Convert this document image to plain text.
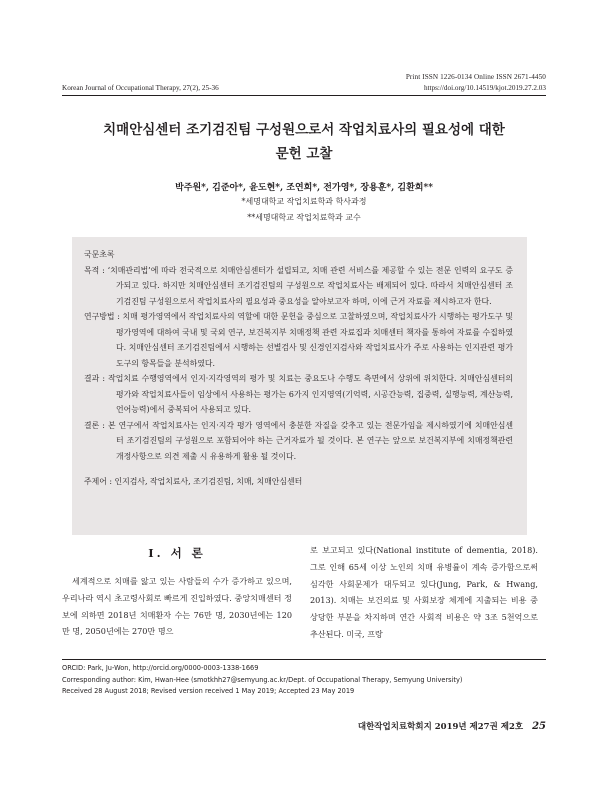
Print ISSN 1226-0134 Online ISSN 2671-4450
Korean Journal of Occupational Therapy, 27(2), 25-36	https://doi.org/10.14519/kjot.2019.27.2.03
치매안심센터 조기검진팀 구성원으로서 작업치료사의 필요성에 대한
문헌 고찰
박주원*, 김준아*, 윤도현*, 조연희*, 전가영*, 장용훈*, 김환희**
*세명대학교 작업치료학과 학사과정
**세명대학교 작업치료학과 교수
국문초록

목적 : ‘치매관리법’에 따라 전국적으로 치매안심센터가 설립되고, 치매 관련 서비스를 제공할 수 있는 전문 인력의 요구도 증가되고 있다. 하지만 치매안심센터 조기검진팀의 구성원으로 작업치료사는 배제되어 있다. 따라서 치매안심센터 조기검진팀 구성원으로서 작업치료사의 필요성과 중요성을 알아보고자 하며, 이에 근거 자료를 제시하고자 한다.

연구방법 : 치매 평가영역에서 작업치료사의 역할에 대한 문헌을 중심으로 고찰하였으며, 작업치료사가 시행하는 평가도구 및 평가영역에 대하여 국내 및 국외 연구, 보건복지부 치매정책 관련 자료집과 치매센터 책자를 통하여 자료를 수집하였다. 치매안심센터 조기검진팀에서 시행하는 선별검사 및 신경인지검사와 작업치료사가 주로 사용하는 인지관련 평가도구의 항목들을 분석하였다.

결과 : 작업치료 수행영역에서 인지·지각영역의 평가 및 치료는 중요도나 수행도 측면에서 상위에 위치한다. 치매안심센터의 평가와 작업치료사들이 임상에서 사용하는 평가는 6가지 인지영역(기억력, 시공간능력, 집중력, 실행능력, 계산능력, 언어능력)에서 중복되어 사용되고 있다.

결론 : 본 연구에서 작업치료사는 인지·지각 평가 영역에서 충분한 자질을 갖추고 있는 전문가임을 제시하였기에 치매안심센터 조기검진팀의 구성원으로 포함되어야 하는 근거자료가 될 것이다. 본 연구는 앞으로 보건복지부에 치매정책관련 개정사항으로 의견 제출 시 유용하게 활용 될 것이다.

주제어 : 인지검사, 작업치료사, 조기검진팀, 치매, 치매안심센터

I. 서 론
세계적으로 치매를 앓고 있는 사람들의 수가 증가하고 있으며, 우리나라 역시 초고령사회로 빠르게 진입하였다. 중앙치매센터 정보에 의하면 2018년 치매환자 수는 76만 명, 2030년에는 120만 명, 2050년에는 270만 명으
로 보고되고 있다(National institute of dementia, 2018). 그로 인해 65세 이상 노인의 치매 유병률이 계속 증가함으로써 심각한 사회문제가 대두되고 있다(Jung, Park, & Hwang, 2013). 치매는 보건의료 및 사회보장 체계에 지출되는 비용 중 상당한 부분을 차지하며 연간 사회적 비용은 약 3조 5천억으로 추산된다. 미국, 프랑
ORCID: Park, Ju-Won, http://orcid.org/0000-0003-1338-1669
Corresponding author: Kim, Hwan-Hee (smotkhh27@semyung.ac.kr/Dept. of Occupational Therapy, Semyung University)
Received 28 August 2018; Revised version received 1 May 2019; Accepted 23 May 2019
대한작업치료학회지 2019년 제27권 제2호 25
